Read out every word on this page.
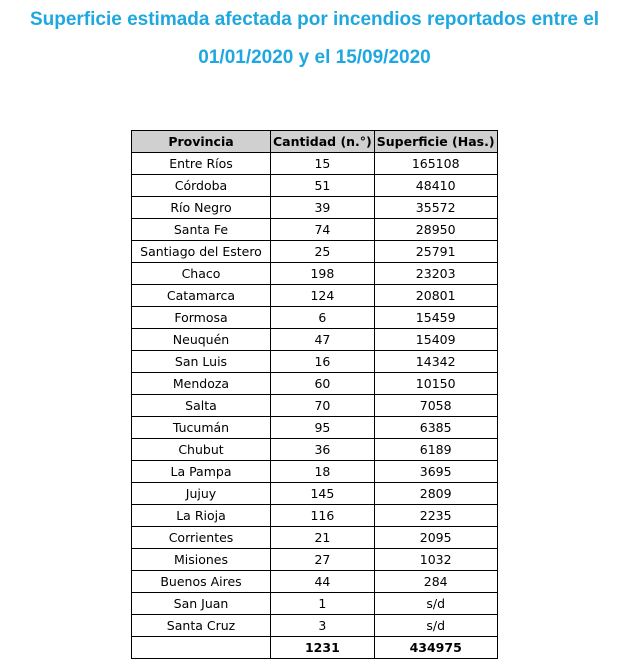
Superficie estimada afectada por incendios reportados entre el
01/01/2020 y el 15/09/2020
Provincia	Cantidad (n.°)	Superficie (Has.)
Entre Ríos	15	165108
Córdoba	51	48410
Río Negro	39	35572
Santa Fe	74	28950
Santiago del Estero	25	25791
Chaco	198	23203
Catamarca	124	20801
Formosa	6	15459
Neuquén	47	15409
San Luis	16	14342
Mendoza	60	10150
Salta	70	7058
Tucumán	95	6385
Chubut	36	6189
La Pampa	18	3695
Jujuy	145	2809
La Rioja	116	2235
Corrientes	21	2095
Misiones	27	1032
Buenos Aires	44	284
San Juan	1	s/d
Santa Cruz	3	s/d
	1231	434975
